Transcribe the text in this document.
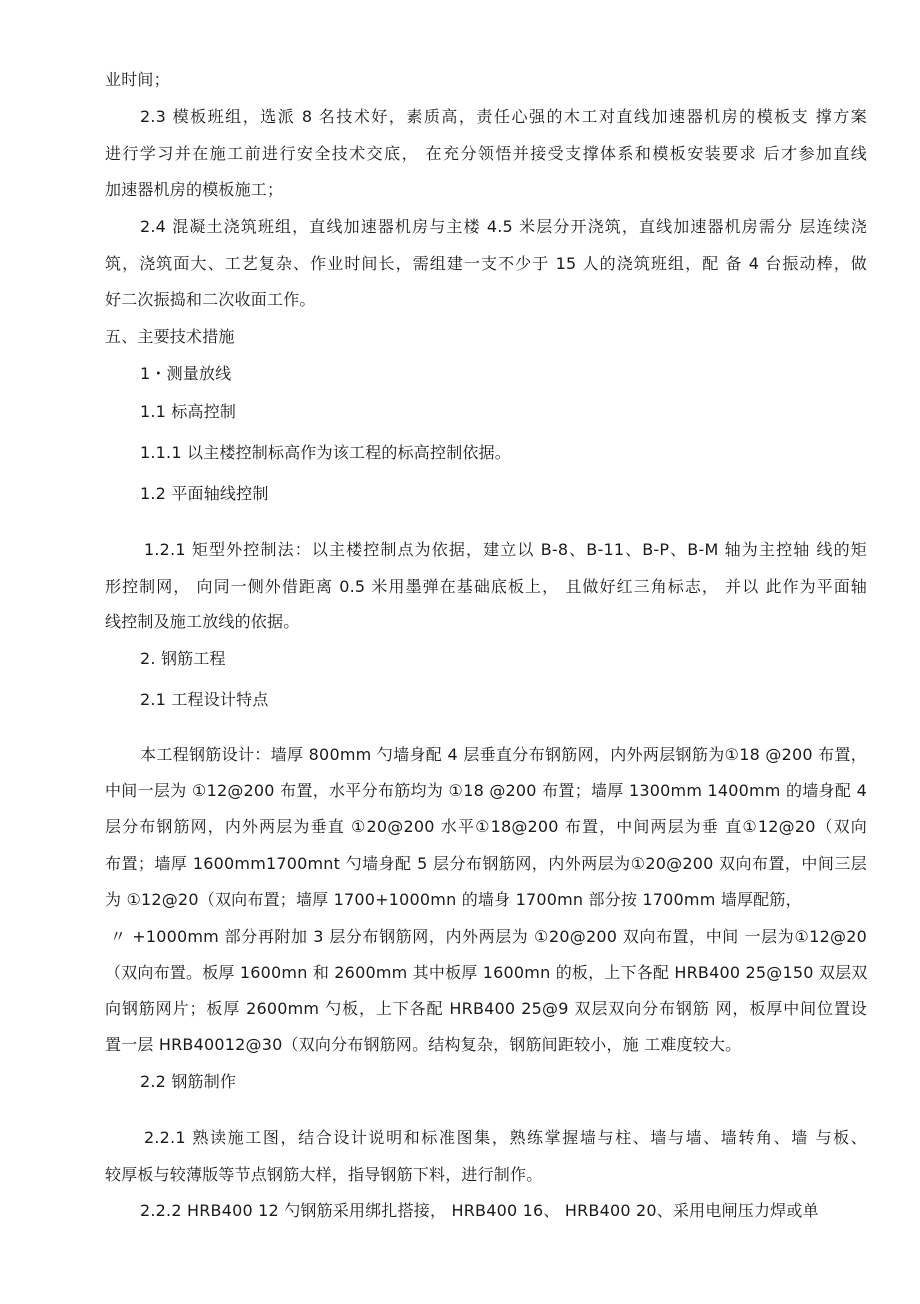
业时间；
2.3 模板班组，选派 8 名技术好，素质高，责任心强的木工对直线加速器机房的模板支 撑方案
进行学习并在施工前进行安全技术交底， 在充分领悟并接受支撑体系和模板安装要求 后才参加直线
加速器机房的模板施工；
2.4 混凝土浇筑班组，直线加速器机房与主楼 4.5 米层分开浇筑，直线加速器机房需分 层连续浇
筑，浇筑面大、工艺复杂、作业时间长，需组建一支不少于 15 人的浇筑班组，配 备 4 台振动棒，做
好二次振捣和二次收面工作。
五、主要技术措施
1・测量放线
1.1 标高控制
1.1.1 以主楼控制标高作为该工程的标高控制依据。
1.2 平面轴线控制
1.2.1 矩型外控制法：以主楼控制点为依据，建立以 B-8、B-11、B-P、B-M 轴为主控轴 线的矩
形控制网， 向同一侧外借距离 0.5 米用墨弹在基础底板上， 且做好红三角标志， 并以 此作为平面轴
线控制及施工放线的依据。
2. 钢筋工程
2.1 工程设计特点
本工程钢筋设计：墙厚 800mm 勺墙身配 4 层垂直分布钢筋网，内外两层钢筋为①18 @200 布置，
中间一层为 ①12@200 布置，水平分布筋均为 ①18 @200 布置；墙厚 1300mm 1400mm 的墙身配 4
层分布钢筋网，内外两层为垂直 ①20@200 水平①18@200 布置，中间两层为垂 直①12@20（双向
布置；墙厚 1600mm1700mnt 勺墙身配 5 层分布钢筋网，内外两层为①20@200 双向布置，中间三层
为 ①12@20（双向布置；墙厚 1700+1000mn 的墙身 1700mn 部分按 1700mm 墙厚配筋，
〃 +1000mm 部分再附加 3 层分布钢筋网，内外两层为 ①20@200 双向布置，中间 一层为①12@20
（双向布置。板厚 1600mn 和 2600mm 其中板厚 1600mn 的板，上下各配 HRB400 25@150 双层双
向钢筋网片；板厚 2600mm 勺板，上下各配 HRB400 25@9 双层双向分布钢筋 网，板厚中间位置设
置一层 HRB40012@30（双向分布钢筋网。结构复杂，钢筋间距较小，施 工难度较大。
2.2 钢筋制作
2.2.1 熟读施工图，结合设计说明和标准图集，熟练掌握墙与柱、墙与墙、墙转角、墙 与板、
较厚板与较薄版等节点钢筋大样，指导钢筋下料，进行制作。
2.2.2 HRB400 12 勺钢筋采用绑扎搭接， HRB400 16、 HRB400 20、采用电闸压力焊或单
